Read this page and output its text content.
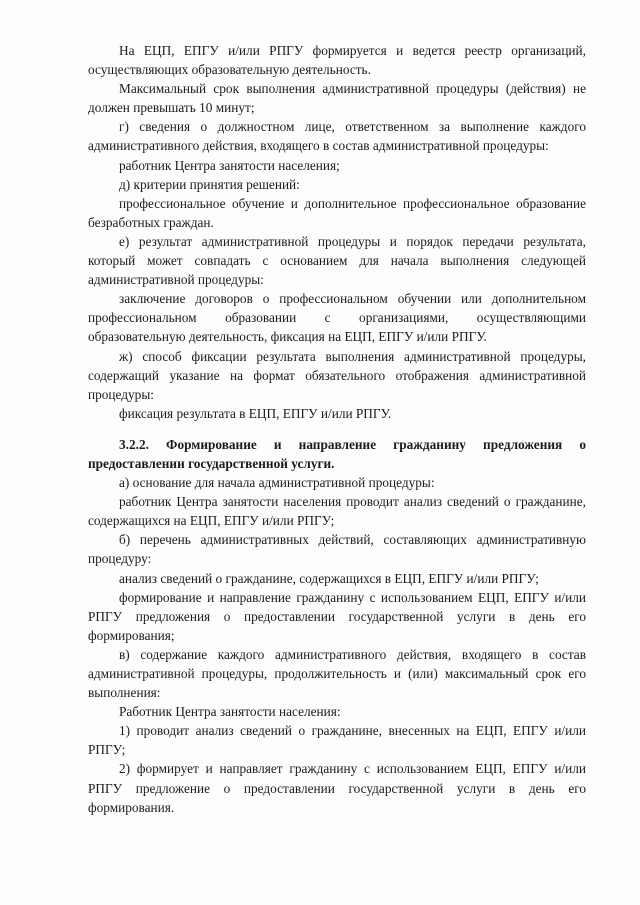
На ЕЦП, ЕПГУ и/или РПГУ формируется и ведется реестр организаций, осуществляющих образовательную деятельность.

Максимальный срок выполнения административной процедуры (действия) не должен превышать 10 минут;

г) сведения о должностном лице, ответственном за выполнение каждого административного действия, входящего в состав административной процедуры:

работник Центра занятости населения;

д) критерии принятия решений:

профессиональное обучение и дополнительное профессиональное образование безработных граждан.

е) результат административной процедуры и порядок передачи результата, который может совпадать с основанием для начала выполнения следующей административной процедуры:

заключение договоров о профессиональном обучении или дополнительном профессиональном образовании с организациями, осуществляющими образовательную деятельность, фиксация на ЕЦП, ЕПГУ и/или РПГУ.

ж) способ фиксации результата выполнения административной процедуры, содержащий указание на формат обязательного отображения административной процедуры:

фиксация результата в ЕЦП, ЕПГУ и/или РПГУ.

3.2.2. Формирование и направление гражданину предложения о предоставлении государственной услуги.

а) основание для начала административной процедуры:

работник Центра занятости населения проводит анализ сведений о гражданине, содержащихся на ЕЦП, ЕПГУ и/или РПГУ;

б) перечень административных действий, составляющих административную процедуру:

анализ сведений о гражданине, содержащихся в ЕЦП, ЕПГУ и/или РПГУ;

формирование и направление гражданину с использованием ЕЦП, ЕПГУ и/или РПГУ предложения о предоставлении государственной услуги в день его формирования;

в) содержание каждого административного действия, входящего в состав административной процедуры, продолжительность и (или) максимальный срок его выполнения:

Работник Центра занятости населения:

1) проводит анализ сведений о гражданине, внесенных на ЕЦП, ЕПГУ и/или РПГУ;

2) формирует и направляет гражданину с использованием ЕЦП, ЕПГУ и/или РПГУ предложение о предоставлении государственной услуги в день его формирования.
